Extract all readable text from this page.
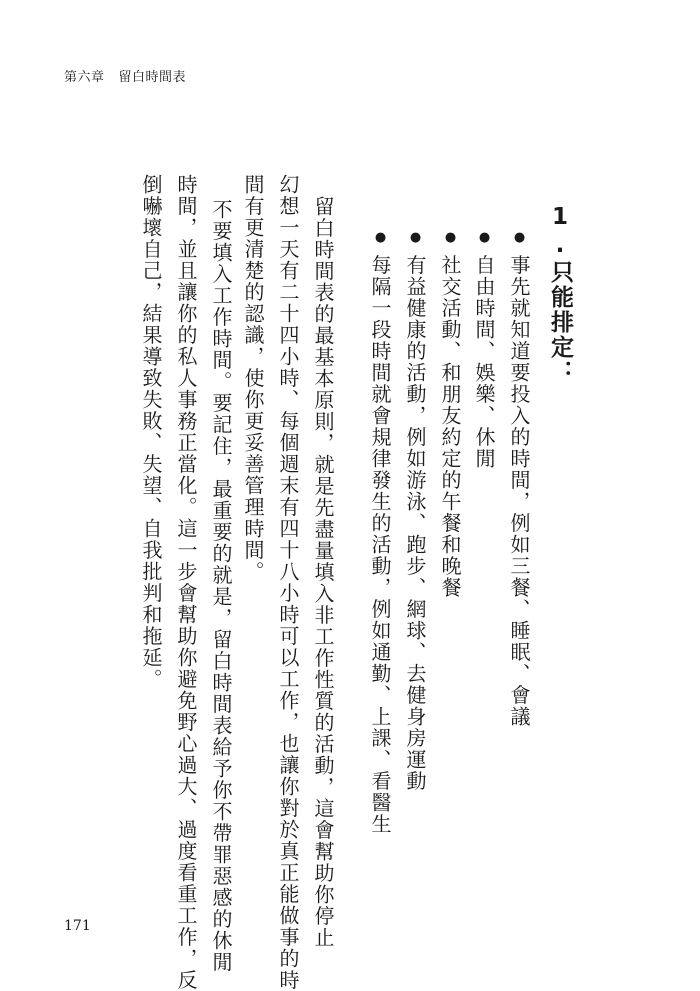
第六章 留白時間表
1.只能排定：
●事先就知道要投入的時間，例如三餐、睡眠、會議
●自由時間、娛樂、休閒
●社交活動、和朋友約定的午餐和晚餐
●有益健康的活動，例如游泳、跑步、網球、去健身房運動
●每隔一段時間就會規律發生的活動，例如通勤、上課、看醫生
留白時間表的最基本原則，就是先盡量填入非工作性質的活動，這會幫助你停止
幻想一天有二十四小時、每個週末有四十八小時可以工作，也讓你對於真正能做事的時
間有更清楚的認識，使你更妥善管理時間。
不要填入工作時間。要記住，最重要的就是，留白時間表給予你不帶罪惡感的休閒
時間，並且讓你的私人事務正當化。這一步會幫助你避免野心過大、過度看重工作，反
倒嚇壞自己，結果導致失敗、失望、自我批判和拖延。
171
